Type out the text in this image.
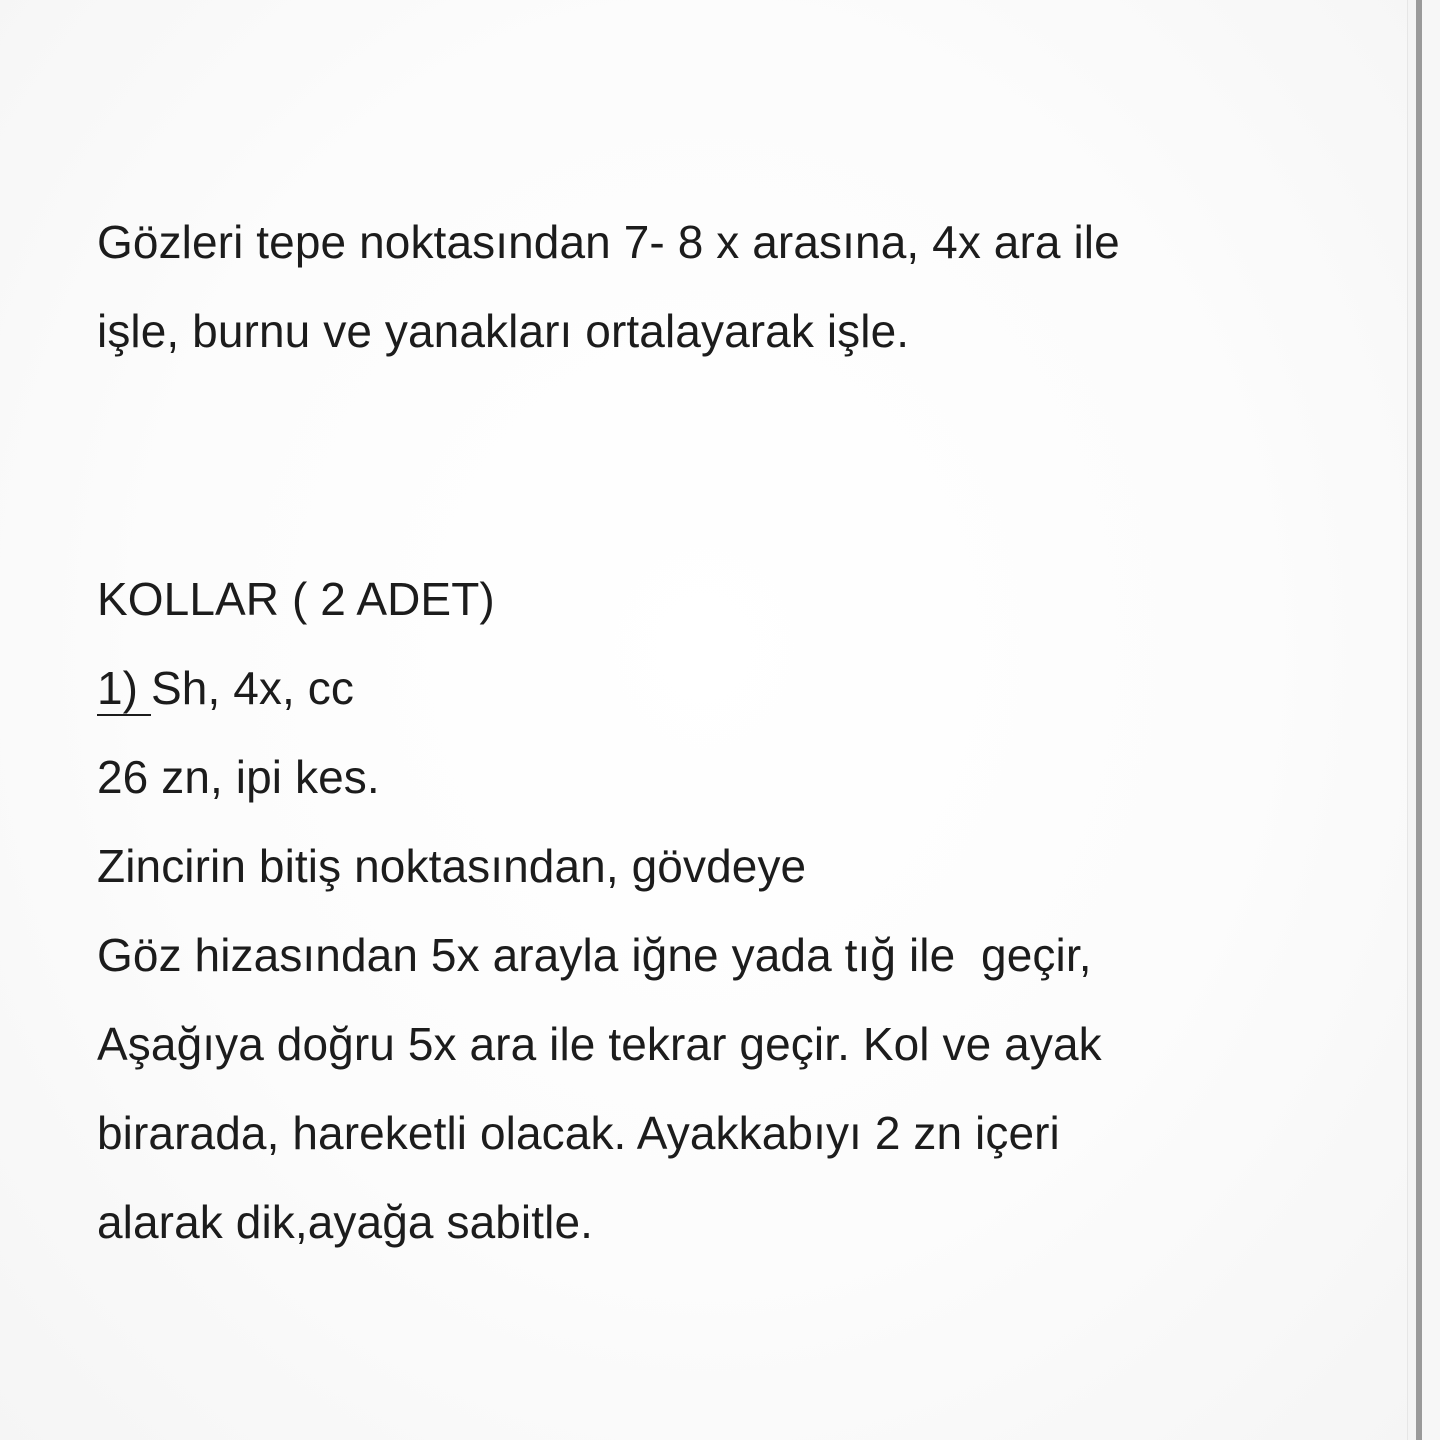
Gözleri tepe noktasından 7- 8 x arasına, 4x ara ile
işle, burnu ve yanakları ortalayarak işle.
KOLLAR ( 2 ADET)
1) Sh, 4x, cc
26 zn, ipi kes.
Zincirin bitiş noktasından, gövdeye
Göz hizasından 5x arayla iğne yada tığ ile  geçir,
Aşağıya doğru 5x ara ile tekrar geçir. Kol ve ayak
birarada, hareketli olacak. Ayakkabıyı 2 zn içeri
alarak dik,ayağa sabitle.
